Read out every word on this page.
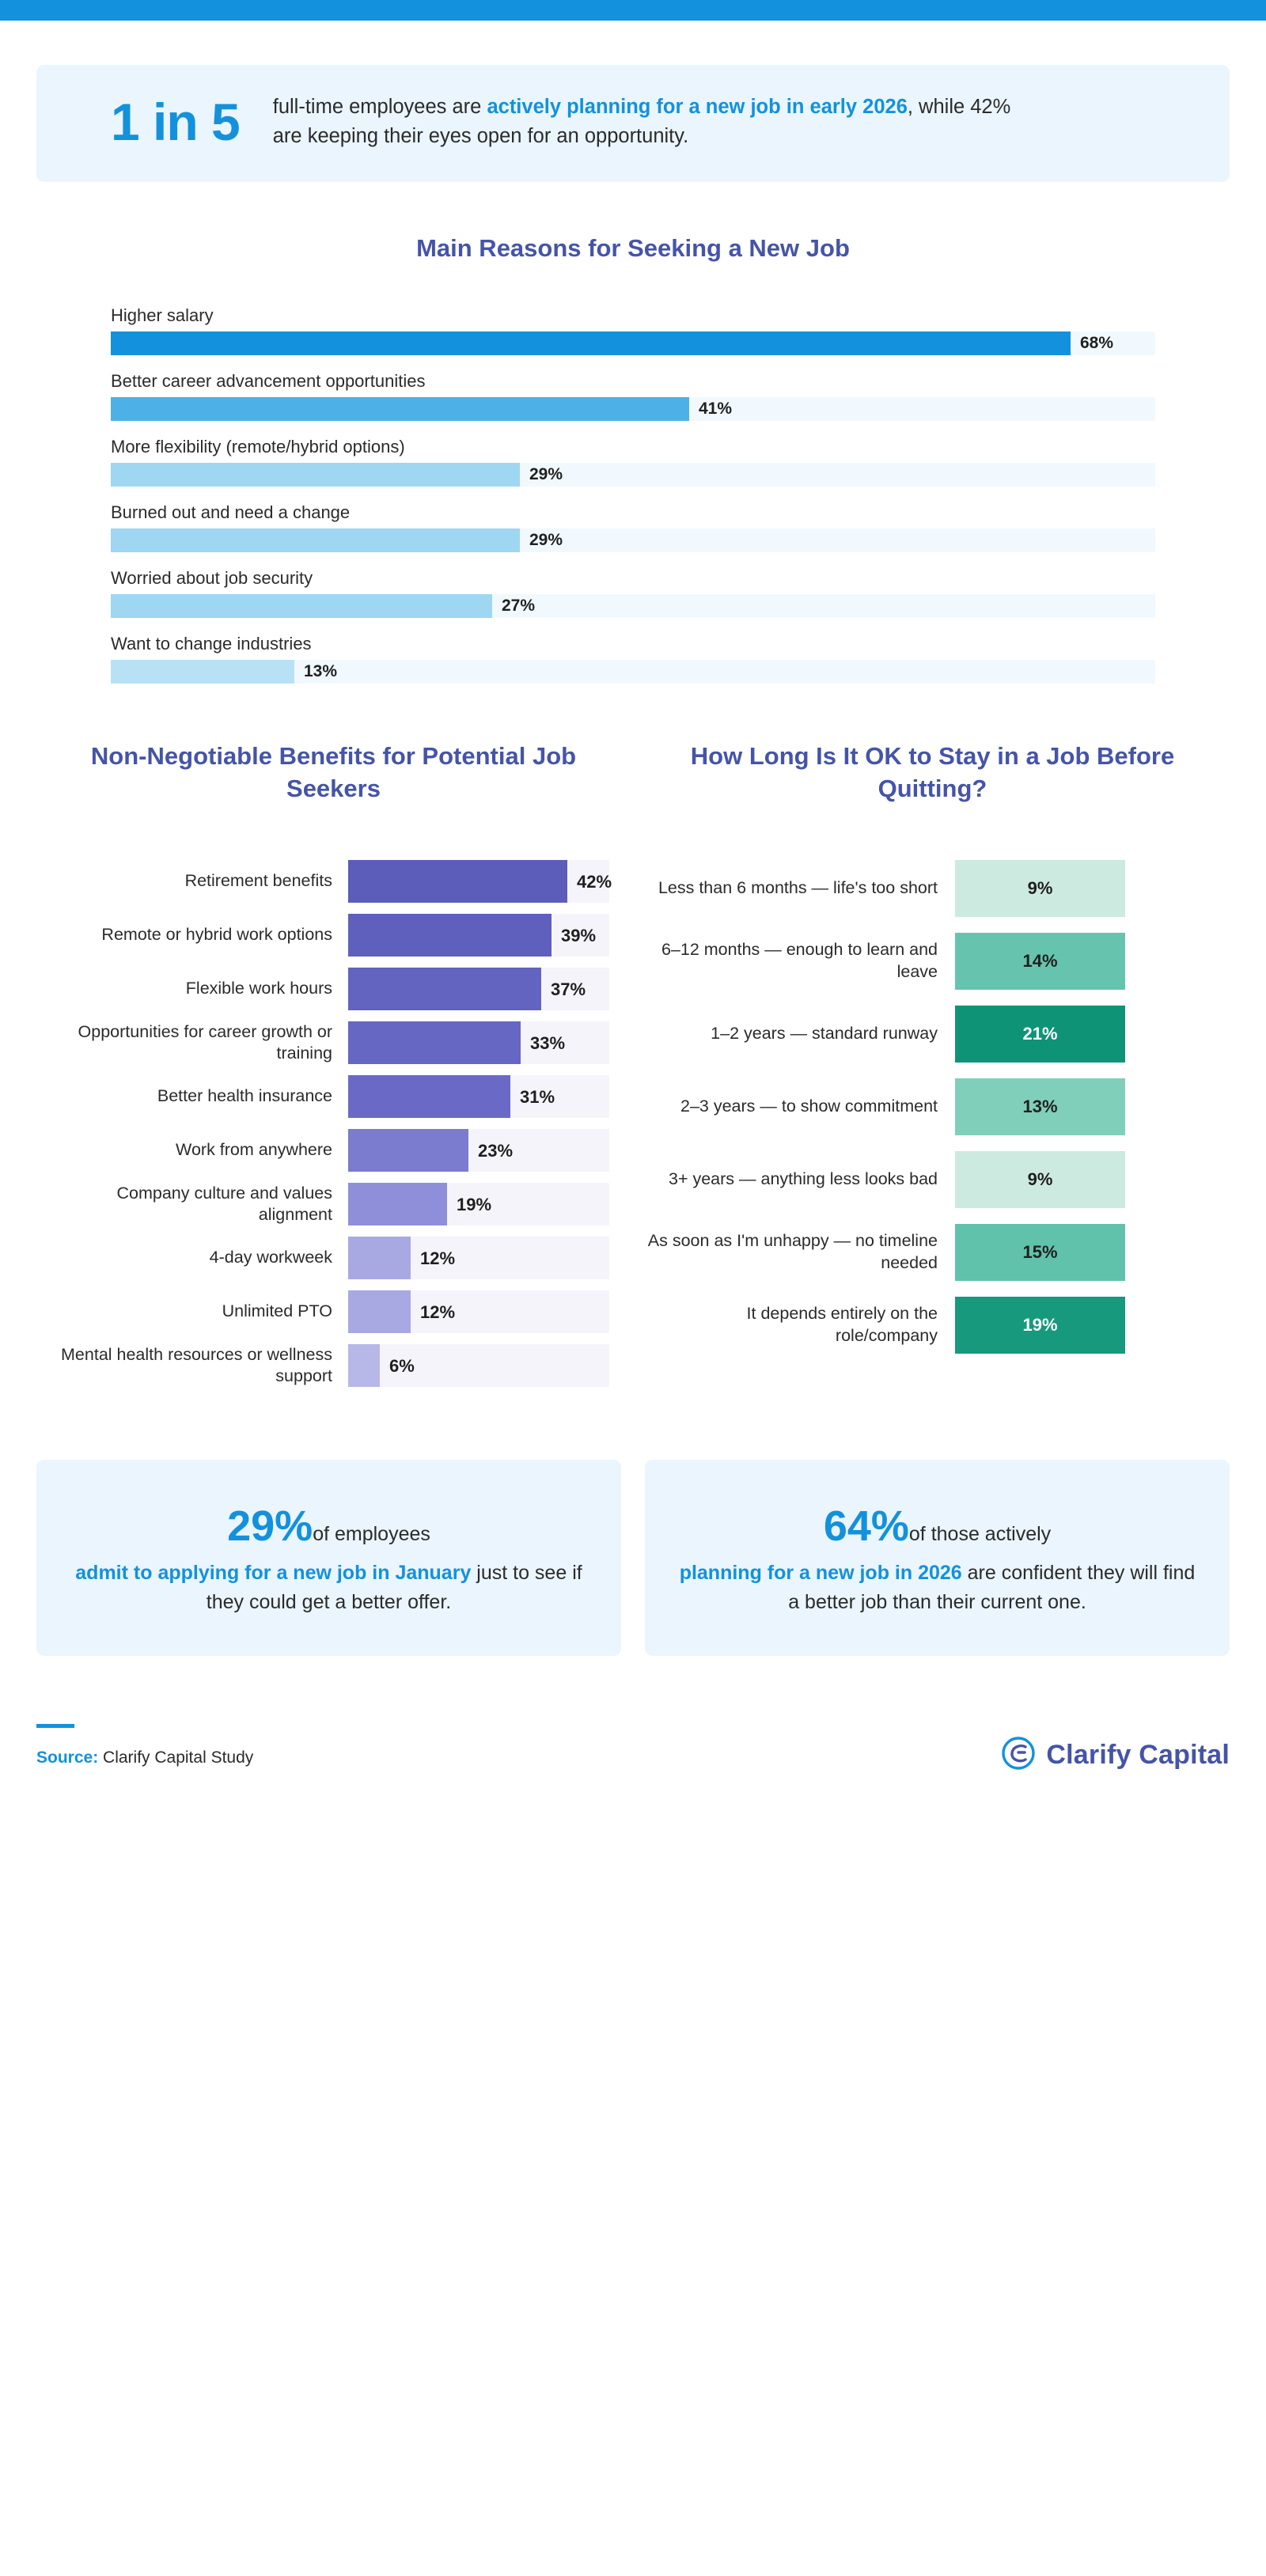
1 in 5 full-time employees are actively planning for a new job in early 2026, while 42% are keeping their eyes open for an opportunity.
Main Reasons for Seeking a New Job
Higher salary
68%
Better career advancement opportunities
41%
More flexibility (remote/hybrid options)
29%
Burned out and need a change
29%
Worried about job security
27%
Want to change industries
13%
Non-Negotiable Benefits for Potential Job Seekers
Retirement benefits	42%
Remote or hybrid work options	39%
Flexible work hours	37%
Opportunities for career growth or training	33%
Better health insurance	31%
Work from anywhere	23%
Company culture and values alignment	19%
4-day workweek	12%
Unlimited PTO	12%
Mental health resources or wellness support	6%
How Long Is It OK to Stay in a Job Before Quitting?
Less than 6 months — life's too short	9%
6–12 months — enough to learn and leave
14%
1–2 years — standard runway	21%
2–3 years — to show commitment	13%
3+ years — anything less looks bad	9%
As soon as I'm unhappy — no timeline needed
15%
It depends entirely on the role/company
19%
29%of employees
admit to applying for a new job in January just to see if they could get a better offer.
64%of those actively
planning for a new job in 2026 are confident they will find a better job than their current one.
Source: Clarify Capital Study	Clarify Capital
